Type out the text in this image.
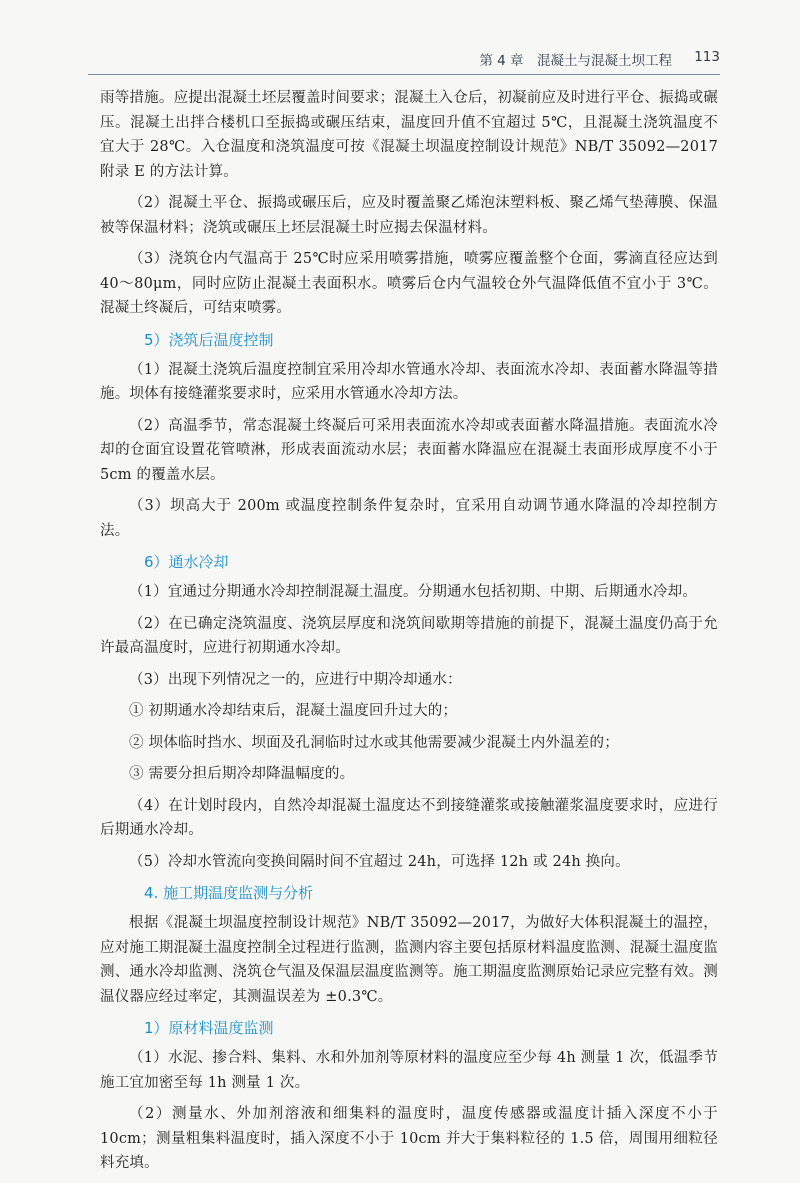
第 4 章　混凝土与混凝土坝工程 113

雨等措施。应提出混凝土坯层覆盖时间要求；混凝土入仓后，初凝前应及时进行平仓、振捣或碾压。混凝土出拌合楼机口至振捣或碾压结束，温度回升值不宜超过 5℃，且混凝土浇筑温度不宜大于 28℃。入仓温度和浇筑温度可按《混凝土坝温度控制设计规范》NB/T 35092—2017 附录 E 的方法计算。

（2）混凝土平仓、振捣或碾压后，应及时覆盖聚乙烯泡沫塑料板、聚乙烯气垫薄膜、保温被等保温材料；浇筑或碾压上坯层混凝土时应揭去保温材料。

（3）浇筑仓内气温高于 25℃时应采用喷雾措施，喷雾应覆盖整个仓面，雾滴直径应达到 40～80μm，同时应防止混凝土表面积水。喷雾后仓内气温较仓外气温降低值不宜小于 3℃。混凝土终凝后，可结束喷雾。

5）浇筑后温度控制

（1）混凝土浇筑后温度控制宜采用冷却水管通水冷却、表面流水冷却、表面蓄水降温等措施。坝体有接缝灌浆要求时，应采用水管通水冷却方法。

（2）高温季节，常态混凝土终凝后可采用表面流水冷却或表面蓄水降温措施。表面流水冷却的仓面宜设置花管喷淋，形成表面流动水层；表面蓄水降温应在混凝土表面形成厚度不小于 5cm 的覆盖水层。

（3）坝高大于 200m 或温度控制条件复杂时，宜采用自动调节通水降温的冷却控制方法。

6）通水冷却

（1）宜通过分期通水冷却控制混凝土温度。分期通水包括初期、中期、后期通水冷却。

（2）在已确定浇筑温度、浇筑层厚度和浇筑间歇期等措施的前提下，混凝土温度仍高于允许最高温度时，应进行初期通水冷却。

（3）出现下列情况之一的，应进行中期冷却通水：

① 初期通水冷却结束后，混凝土温度回升过大的；

② 坝体临时挡水、坝面及孔洞临时过水或其他需要减少混凝土内外温差的；

③ 需要分担后期冷却降温幅度的。

（4）在计划时段内，自然冷却混凝土温度达不到接缝灌浆或接触灌浆温度要求时，应进行后期通水冷却。

（5）冷却水管流向变换间隔时间不宜超过 24h，可选择 12h 或 24h 换向。

4. 施工期温度监测与分析

根据《混凝土坝温度控制设计规范》NB/T 35092—2017，为做好大体积混凝土的温控，应对施工期混凝土温度控制全过程进行监测，监测内容主要包括原材料温度监测、混凝土温度监测、通水冷却监测、浇筑仓气温及保温层温度监测等。施工期温度监测原始记录应完整有效。测温仪器应经过率定，其测温误差为 ±0.3℃。

1）原材料温度监测

（1）水泥、掺合料、集料、水和外加剂等原材料的温度应至少每 4h 测量 1 次，低温季节施工宜加密至每 1h 测量 1 次。

（2）测量水、外加剂溶液和细集料的温度时，温度传感器或温度计插入深度不小于 10cm；测量粗集料温度时，插入深度不小于 10cm 并大于集料粒径的 1.5 倍，周围用细粒径料充填。
